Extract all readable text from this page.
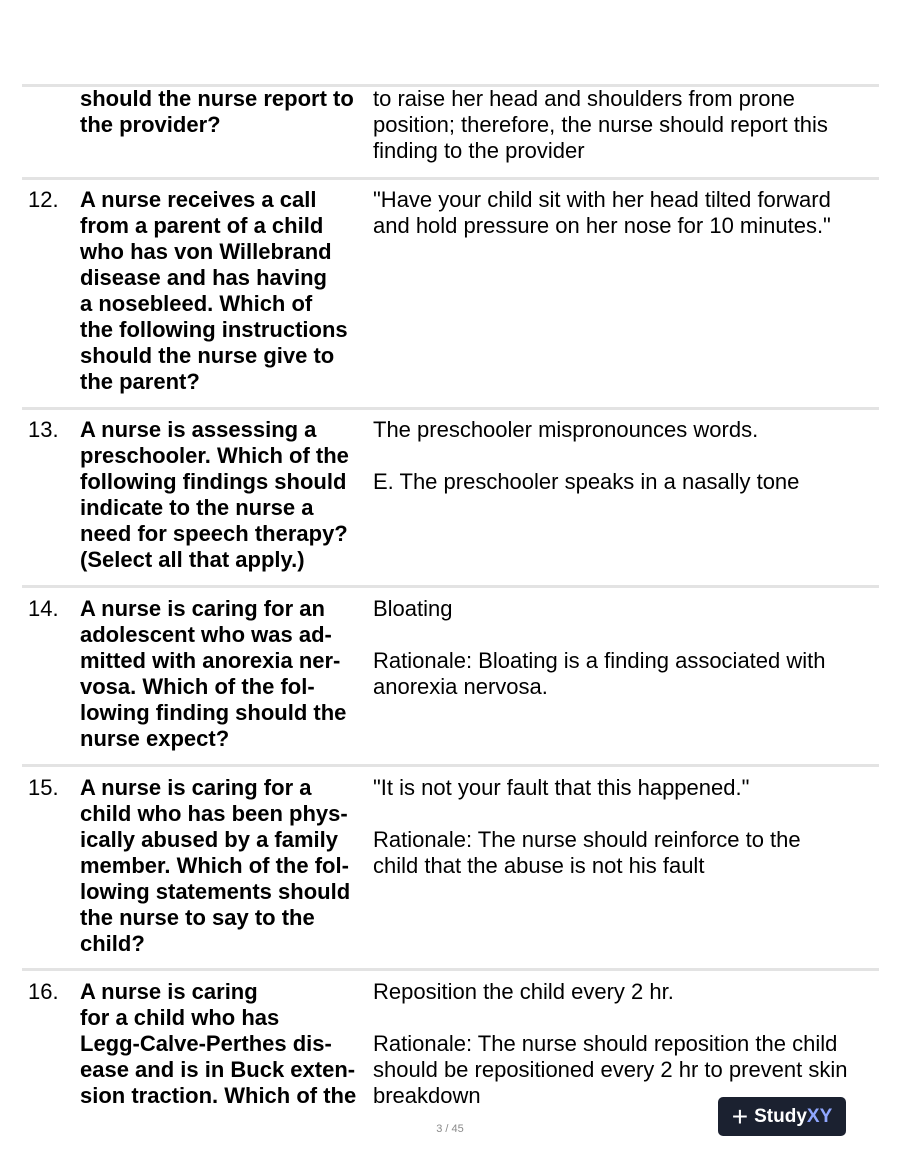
should the nurse report to
the provider?
to raise her head and shoulders from prone
position; therefore, the nurse should report this
finding to the provider
12. A nurse receives a call
from a parent of a child
who has von Willebrand
disease and has having
a nosebleed. Which of
the following instructions
should the nurse give to
the parent?
"Have your child sit with her head tilted forward
and hold pressure on her nose for 10 minutes."
13. A nurse is assessing a
preschooler. Which of the
following findings should
indicate to the nurse a
need for speech therapy?
(Select all that apply.)
The preschooler mispronounces words.

E. The preschooler speaks in a nasally tone
14. A nurse is caring for an
adolescent who was ad-
mitted with anorexia ner-
vosa. Which of the fol-
lowing finding should the
nurse expect?
Bloating

Rationale: Bloating is a finding associated with
anorexia nervosa.
15. A nurse is caring for a
child who has been phys-
ically abused by a family
member. Which of the fol-
lowing statements should
the nurse to say to the
child?
"It is not your fault that this happened."

Rationale: The nurse should reinforce to the
child that the abuse is not his fault
16. A nurse is caring
for a child who has
Legg-Calve-Perthes dis-
ease and is in Buck exten-
sion traction. Which of the
Reposition the child every 2 hr.

Rationale: The nurse should reposition the child
should be repositioned every 2 hr to prevent skin
breakdown
3 / 45	+ StudyXY
